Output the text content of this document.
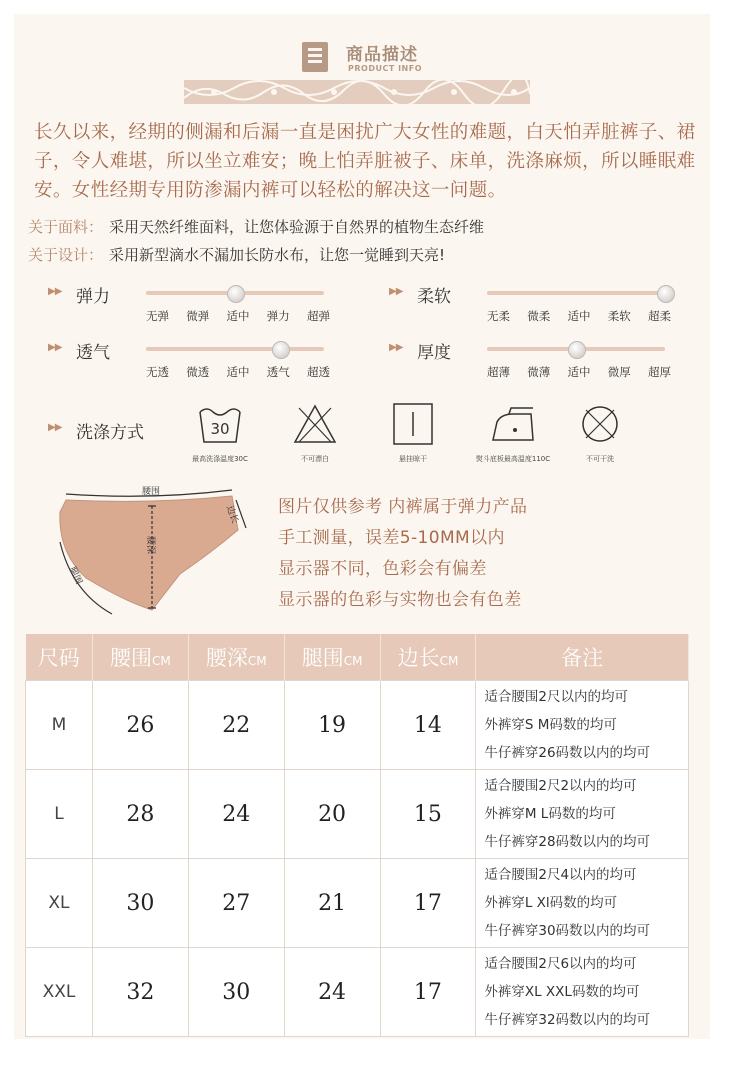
商品描述
PRODUCT INFO
长久以来，经期的侧漏和后漏一直是困扰广大女性的难题，白天怕弄脏裤子、裙子，令人难堪，所以坐立难安；晚上怕弄脏被子、床单，洗涤麻烦，所以睡眠难安。女性经期专用防渗漏内裤可以轻松的解决这一问题。
关于面料： 采用天然纤维面料，让您体验源于自然界的植物生态纤维
关于设计： 采用新型滴水不漏加长防水布，让您一觉睡到天亮!
▶▶ 弹力
无弹 微弹 适中 弹力 超弹
▶▶ 柔软
无柔 微柔 适中 柔软 超柔
▶▶ 透气
无透 微透 适中 透气 超透
▶▶ 厚度
超薄 微薄 适中 微厚 超厚
▶▶ 洗涤方式	30
最高洗涤温度30C	不可漂白	悬挂晾干	熨斗底板最高温度110C	不可干洗
腰围
边长
腰深
腿围
图片仅供参考 内裤属于弹力产品
手工测量，误差5-10MM以内
显示器不同，色彩会有偏差
显示器的色彩与实物也会有色差
尺码	腰围CM	腰深CM	腿围CM	边长CM	备注
M	26	22	19	14	适合腰围2尺以内的均可
外裤穿S M码数的均可
牛仔裤穿26码数以内的均可

L	28	24	20	15	适合腰围2尺2以内的均可
外裤穿M L码数的均可
牛仔裤穿28码数以内的均可

XL	30	27	21	17	适合腰围2尺4以内的均可
外裤穿L Xl码数的均可
牛仔裤穿30码数以内的均可

XXL	32	30	24	17	适合腰围2尺6以内的均可
外裤穿XL XXL码数的均可
牛仔裤穿32码数以内的均可
